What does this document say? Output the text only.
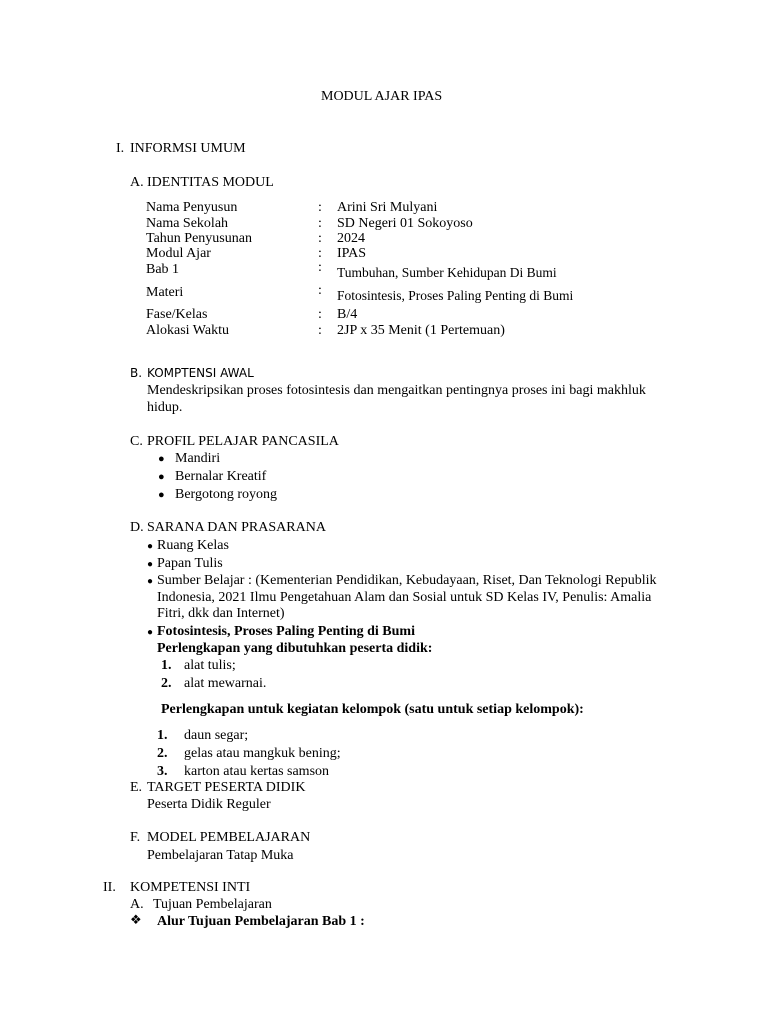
MODUL AJAR IPAS
I. INFORMSI UMUM
A. IDENTITAS MODUL
Nama Penyusun	: Arini Sri Mulyani
Nama Sekolah	: SD Negeri 01 Sokoyoso
Tahun Penyusunan	: 2024
Modul Ajar	: IPAS
Bab 1	: Tumbuhan, Sumber Kehidupan Di Bumi
Materi	: Fotosintesis, Proses Paling Penting di Bumi
Fase/Kelas	: B/4
Alokasi Waktu	: 2JP x 35 Menit (1 Pertemuan)
B. KOMPTENSI AWAL
Mendeskripsikan proses fotosintesis dan mengaitkan pentingnya proses ini bagi makhluk
hidup.
C. PROFIL PELAJAR PANCASILA
● Mandiri
● Bernalar Kreatif
● Bergotong royong
D. SARANA DAN PRASARANA
● Ruang Kelas
● Papan Tulis
● Sumber Belajar : (Kementerian Pendidikan, Kebudayaan, Riset, Dan Teknologi Republik
Indonesia, 2021 Ilmu Pengetahuan Alam dan Sosial untuk SD Kelas IV, Penulis: Amalia
Fitri, dkk dan Internet)
● Fotosintesis, Proses Paling Penting di Bumi
Perlengkapan yang dibutuhkan peserta didik:
1. alat tulis;
2. alat mewarnai.
Perlengkapan untuk kegiatan kelompok (satu untuk setiap kelompok):
1. daun segar;
2. gelas atau mangkuk bening;
3. karton atau kertas samson
E. TARGET PESERTA DIDIK
Peserta Didik Reguler
F. MODEL PEMBELAJARAN
Pembelajaran Tatap Muka
II. KOMPETENSI INTI
A. Tujuan Pembelajaran
❖ Alur Tujuan Pembelajaran Bab 1 :
